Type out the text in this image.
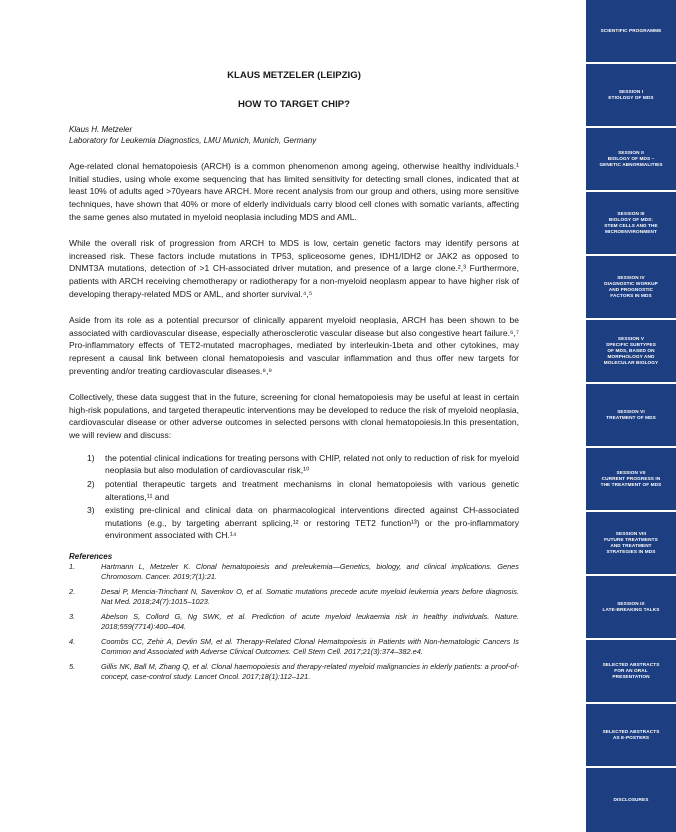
KLAUS METZELER (LEIPZIG)
HOW TO TARGET CHIP?
Klaus H. Metzeler
Laboratory for Leukemia Diagnostics, LMU Munich, Munich, Germany

Age-related clonal hematopoiesis (ARCH) is a common phenomenon among ageing, otherwise healthy individuals.¹ Initial studies, using whole exome sequencing that has limited sensitivity for detecting small clones, indicated that at least 10% of adults aged >70years have ARCH. More recent analysis from our group and others, using more sensitive techniques, have shown that 40% or more of elderly individuals carry blood cell clones with somatic variants, affecting the same genes also mutated in myeloid neoplasia including MDS and AML.

While the overall risk of progression from ARCH to MDS is low, certain genetic factors may identify persons at increased risk. These factors include mutations in TP53, spliceosome genes, IDH1/IDH2 or JAK2 as opposed to DNMT3A mutations, detection of >1 CH-associated driver mutation, and presence of a large clone.²,³ Furthermore, patients with ARCH receiving chemotherapy or radiotherapy for a non-myeloid neoplasm appear to have higher risk of developing therapy-related MDS or AML, and shorter survival.⁴,⁵

Aside from its role as a potential precursor of clinically apparent myeloid neoplasia, ARCH has been shown to be associated with cardiovascular disease, especially atherosclerotic vascular disease but also congestive heart failure.⁶,⁷ Pro-inflammatory effects of TET2-mutated macrophages, mediated by interleukin-1beta and other cytokines, may represent a causal link between clonal hematopoiesis and vascular inflammation and thus offer new targets for preventing and/or treating cardiovascular diseases.⁸,⁹

Collectively, these data suggest that in the future, screening for clonal hematopoiesis may be useful at least in certain high-risk populations, and targeted therapeutic interventions may be developed to reduce the risk of myeloid neoplasia, cardiovascular disease or other adverse outcomes in selected persons with clonal hematopoiesis.In this presentation, we will review and discuss:

1) the potential clinical indications for treating persons with CHIP, related not only to reduction of risk for myeloid neoplasia but also modulation of cardiovascular risk,¹⁰
2) potential therapeutic targets and treatment mechanisms in clonal hematopoiesis with various genetic alterations,¹¹ and
3) existing pre-clinical and clinical data on pharmacological interventions directed against CH-associated mutations (e.g., by targeting aberrant splicing,¹² or restoring TET2 function¹³) or the pro-inflammatory environment associated with CH.¹⁴
References
1.	Hartmann L, Metzeler K. Clonal hematopoiesis and preleukemia—Genetics, biology, and clinical implications. Genes Chromosom. Cancer. 2019;7(1):21.
2.	Desai P, Mencia-Trinchant N, Savenkov O, et al. Somatic mutations precede acute myeloid leukemia years before diagnosis. Nat Med. 2018;24(7):1015–1023.
3.	Abelson S, Collord G, Ng SWK, et al. Prediction of acute myeloid leukaemia risk in healthy individuals. Nature. 2018;559(7714):400–404.
4.	Coombs CC, Zehir A, Devlin SM, et al. Therapy-Related Clonal Hematopoiesis in Patients with Non-hematologic Cancers Is Common and Associated with Adverse Clinical Outcomes. Cell Stem Cell. 2017;21(3):374–382.e4.
5.	Gillis NK, Ball M, Zhang Q, et al. Clonal haemopoiesis and therapy-related myeloid malignancies in elderly patients: a proof-of-concept, case-control study. Lancet Oncol. 2017;18(1):112–121.
SCIENTIFIC PROGRAMME
SESSION I
ETIOLOGY OF MDS
SESSION II
BIOLOGY OF MDS –
GENETIC ABNORMALITIES
SESSION III
BIOLOGY OF MDS:
STEM CELLS AND THE
MICROENVIRONMENT
SESSION IV
DIAGNOSTIC WORKUP
AND PROGNOSTIC
FACTORS IN MDS
SESSION V
SPECIFIC SUBTYPES
OF MDS, BASED ON
MORPHOLOGY AND
MOLECULAR BIOLOGY
SESSION VI
TREATMENT OF MDS
SESSION VII
CURRENT PROGRESS IN
THE TREATMENT OF MDS
SESSION VIII
FUTURE TREATMENTS
AND TREATMENT
STRATEGIES IN MDS
SESSION IX
LATE-BREAKING TALKS
SELECTED ABSTRACTS
FOR AN ORAL
PRESENTATION
SELECTED ABSTRACTS
AS E-POSTERS
DISCLOSURES
